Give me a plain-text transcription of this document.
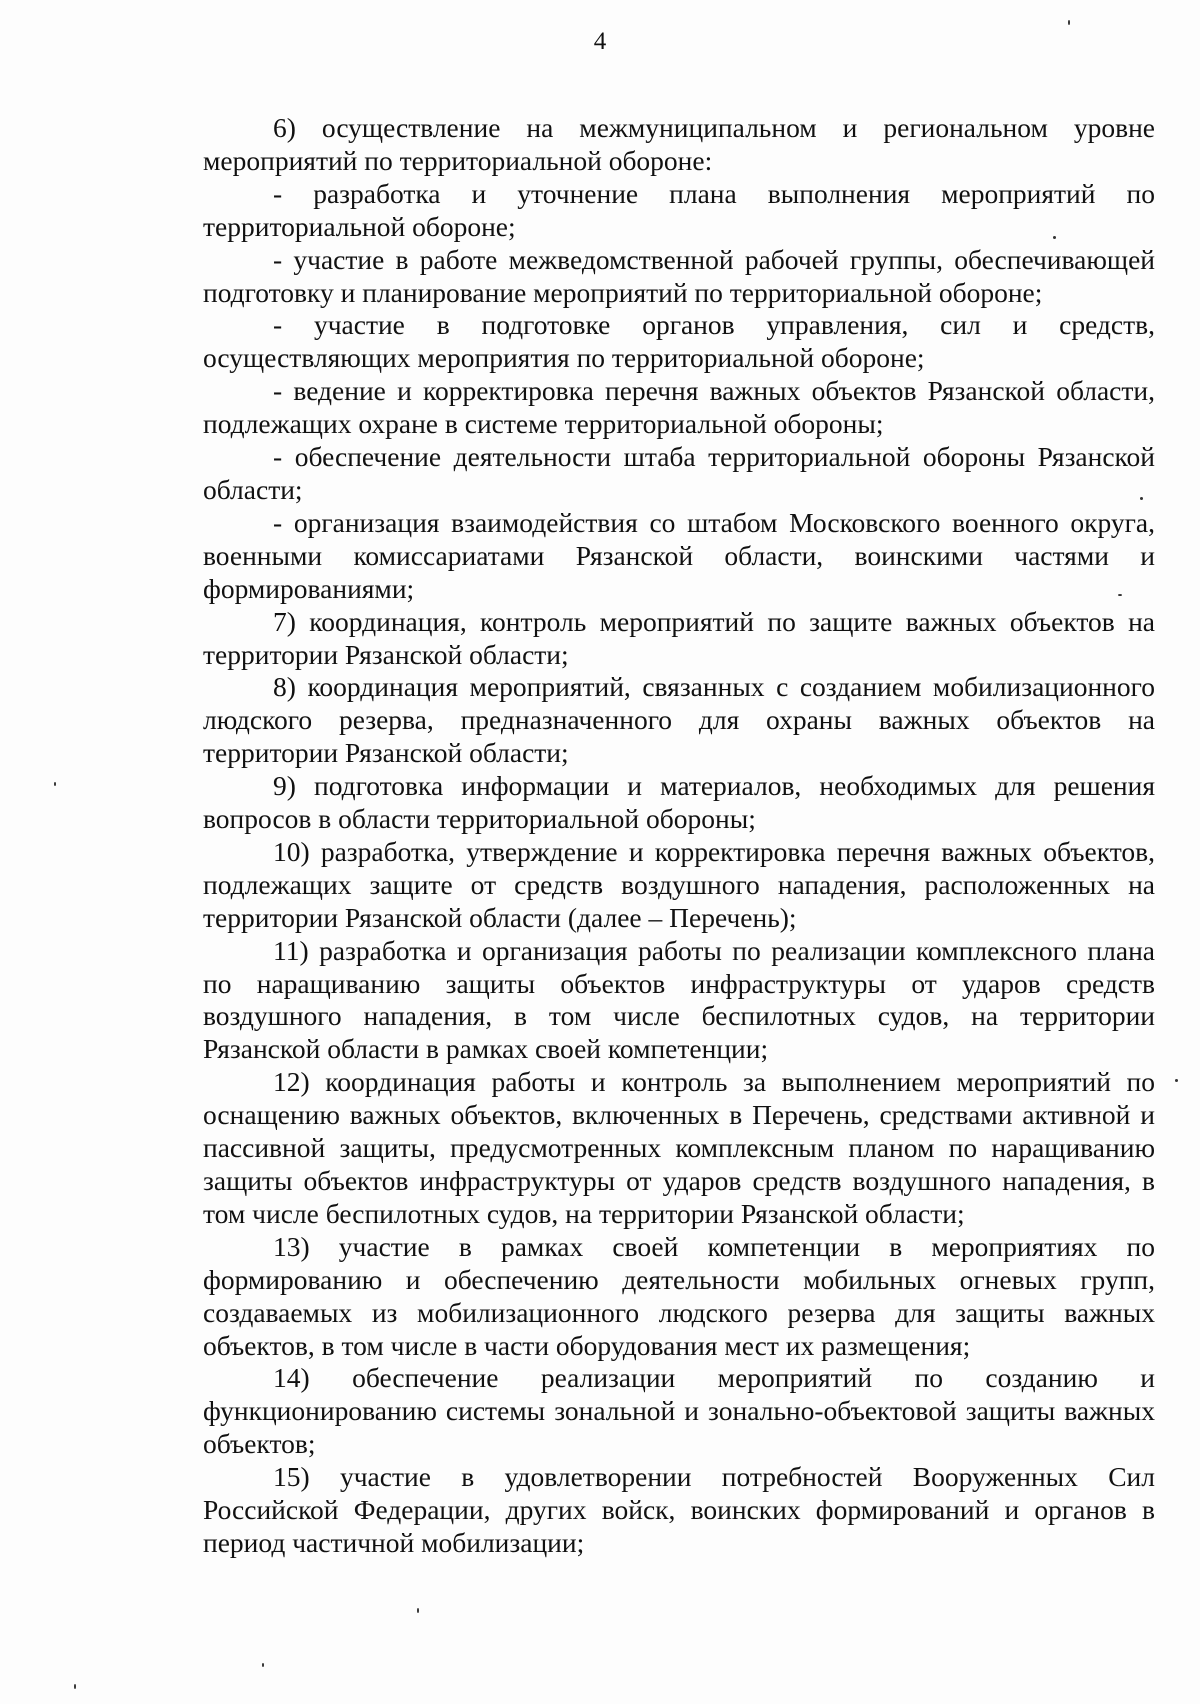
4

6) осуществление на межмуниципальном и региональном уровне мероприятий по территориальной обороне:

- разработка и уточнение плана выполнения мероприятий по территориальной обороне;

- участие в работе межведомственной рабочей группы, обеспечивающей подготовку и планирование мероприятий по территориальной обороне;

- участие в подготовке органов управления, сил и средств, осуществляющих мероприятия по территориальной обороне;

- ведение и корректировка перечня важных объектов Рязанской области, подлежащих охране в системе территориальной обороны;

- обеспечение деятельности штаба территориальной обороны Рязанской области;

- организация взаимодействия со штабом Московского военного округа, военными комиссариатами Рязанской области, воинскими частями и формированиями;

7) координация, контроль мероприятий по защите важных объектов на территории Рязанской области;

8) координация мероприятий, связанных с созданием мобилизационного людского резерва, предназначенного для охраны важных объектов на территории Рязанской области;

9) подготовка информации и материалов, необходимых для решения вопросов в области территориальной обороны;

10) разработка, утверждение и корректировка перечня важных объектов, подлежащих защите от средств воздушного нападения, расположенных на территории Рязанской области (далее – Перечень);

11) разработка и организация работы по реализации комплексного плана по наращиванию защиты объектов инфраструктуры от ударов средств воздушного нападения, в том числе беспилотных судов, на территории Рязанской области в рамках своей компетенции;

12) координация работы и контроль за выполнением мероприятий по оснащению важных объектов, включенных в Перечень, средствами активной и пассивной защиты, предусмотренных комплексным планом по наращиванию защиты объектов инфраструктуры от ударов средств воздушного нападения, в том числе беспилотных судов, на территории Рязанской области;

13) участие в рамках своей компетенции в мероприятиях по формированию и обеспечению деятельности мобильных огневых групп, создаваемых из мобилизационного людского резерва для защиты важных объектов, в том числе в части оборудования мест их размещения;

14) обеспечение реализации мероприятий по созданию и функционированию системы зональной и зонально-объектовой защиты важных объектов;

15) участие в удовлетворении потребностей Вооруженных Сил Российской Федерации, других войск, воинских формирований и органов в период частичной мобилизации;
